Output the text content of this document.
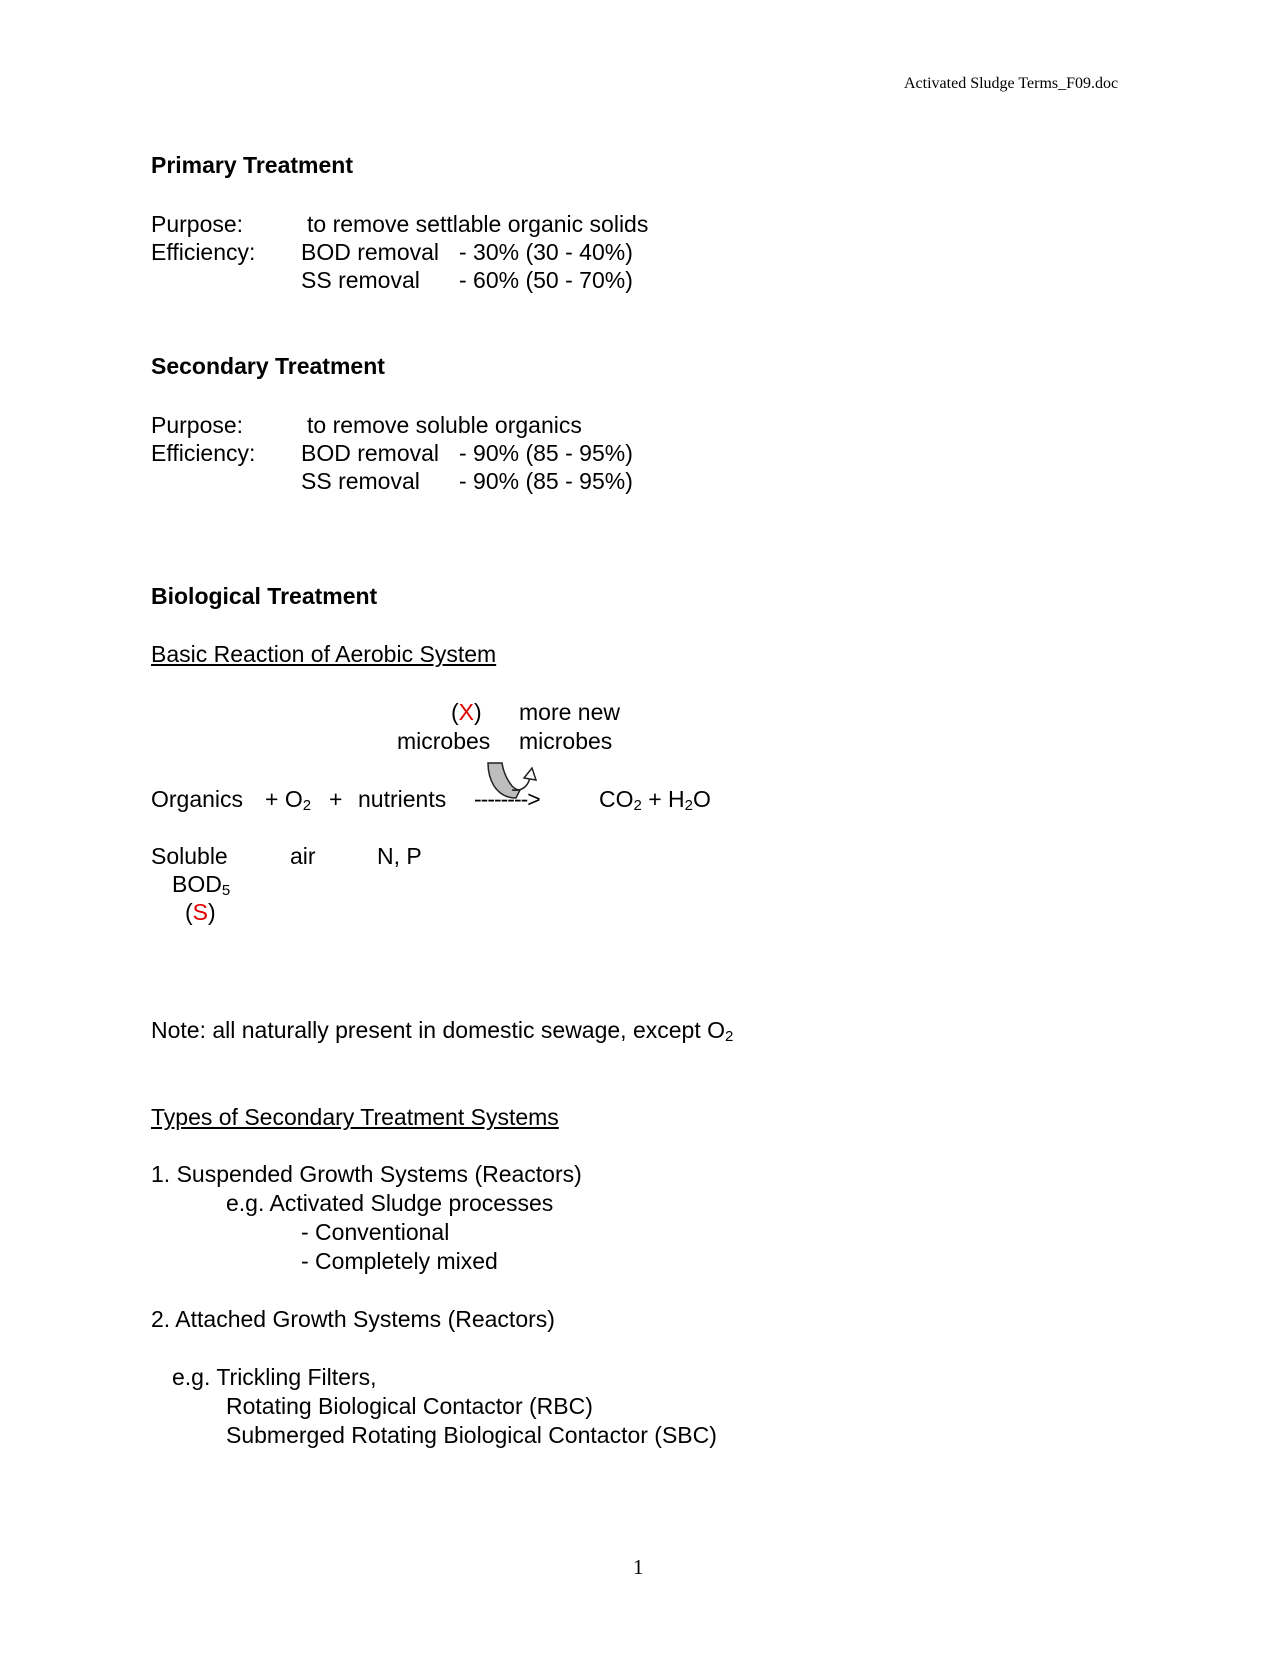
Activated Sludge Terms_F09.doc
Primary Treatment
Purpose:	to remove settlable organic solids
Efficiency: BOD removal - 30% (30 - 40%)
SS removal - 60% (50 - 70%)
Secondary Treatment
Purpose:	to remove soluble organics
Efficiency: BOD removal - 90% (85 - 95%)
SS removal - 90% (85 - 95%)
Biological Treatment
Basic Reaction of Aerobic System
(X) more new
microbes microbes
Organics + $O_2$ + nutrients -------->	$CO_2 + H_2O$
Soluble	air	N, P
$BOD_5$
(S)
Note: all naturally present in domestic sewage, except $O_2$
Types of Secondary Treatment Systems
1. Suspended Growth Systems (Reactors)
e.g. Activated Sludge processes
- Conventional
- Completely mixed
2. Attached Growth Systems (Reactors)
e.g. Trickling Filters,
Rotating Biological Contactor (RBC)
Submerged Rotating Biological Contactor (SBC)
1
